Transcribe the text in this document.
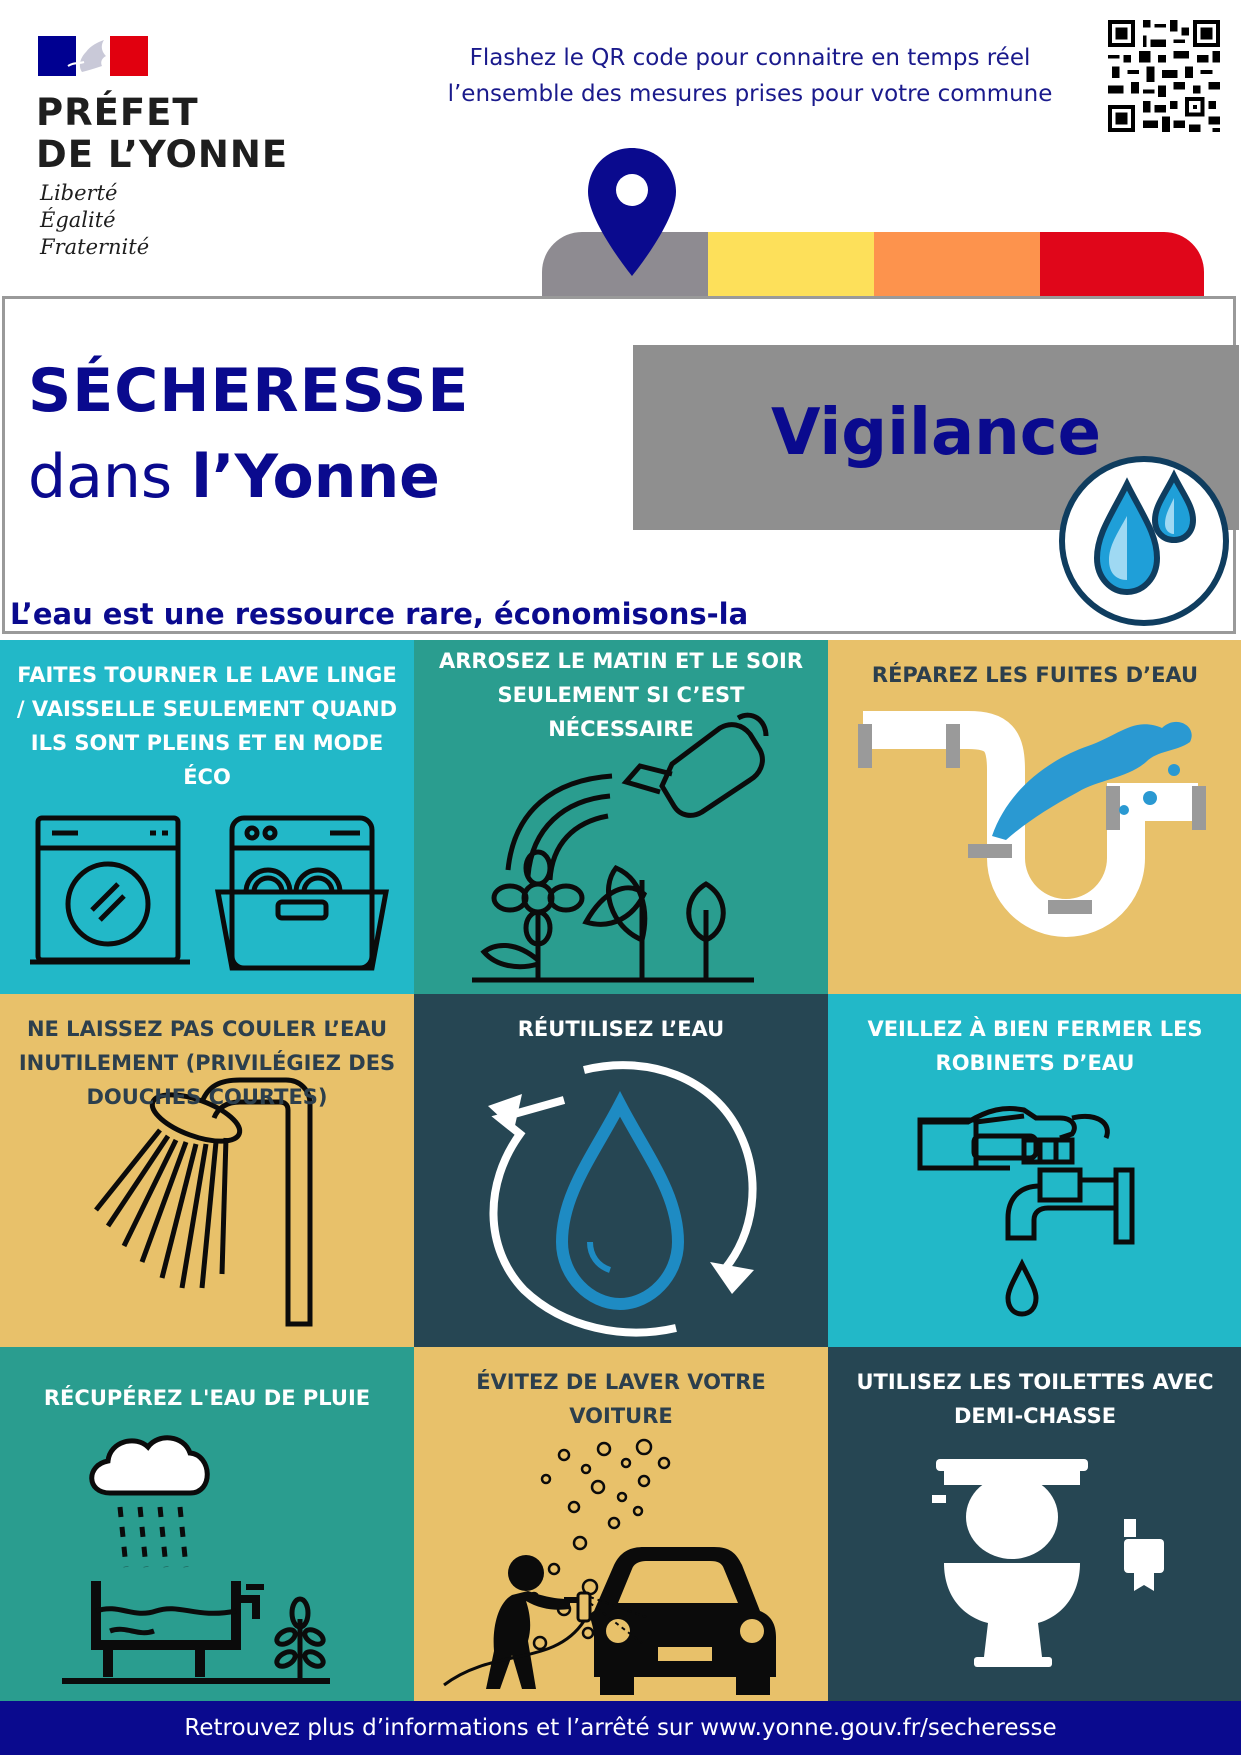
PRÉFET
DE L’YONNE
Liberté
Égalité
Fraternité
Flashez le QR code pour connaitre en temps réel
l’ensemble des mesures prises pour votre commune
SÉCHERESSE
dans l’Yonne
Vigilance
L’eau est une ressource rare, économisons-la
FAITES TOURNER LE LAVE LINGE / VAISSELLE SEULEMENT QUAND ILS SONT PLEINS ET EN MODE ÉCO
ARROSEZ LE MATIN ET LE SOIR SEULEMENT SI C’EST NÉCESSAIRE
RÉPAREZ LES FUITES D’EAU
NE LAISSEZ PAS COULER L’EAU INUTILEMENT (PRIVILÉGIEZ DES DOUCHES COURTES)
RÉUTILISEZ L’EAU	VEILLEZ À BIEN FERMER LES ROBINETS D’EAU
RÉCUPÉREZ L'EAU DE PLUIE
ÉVITEZ DE LAVER VOTRE VOITURE
UTILISEZ LES TOILETTES AVEC DEMI-CHASSE
Retrouvez plus d’informations et l’arrêté sur www.yonne.gouv.fr/secheresse
